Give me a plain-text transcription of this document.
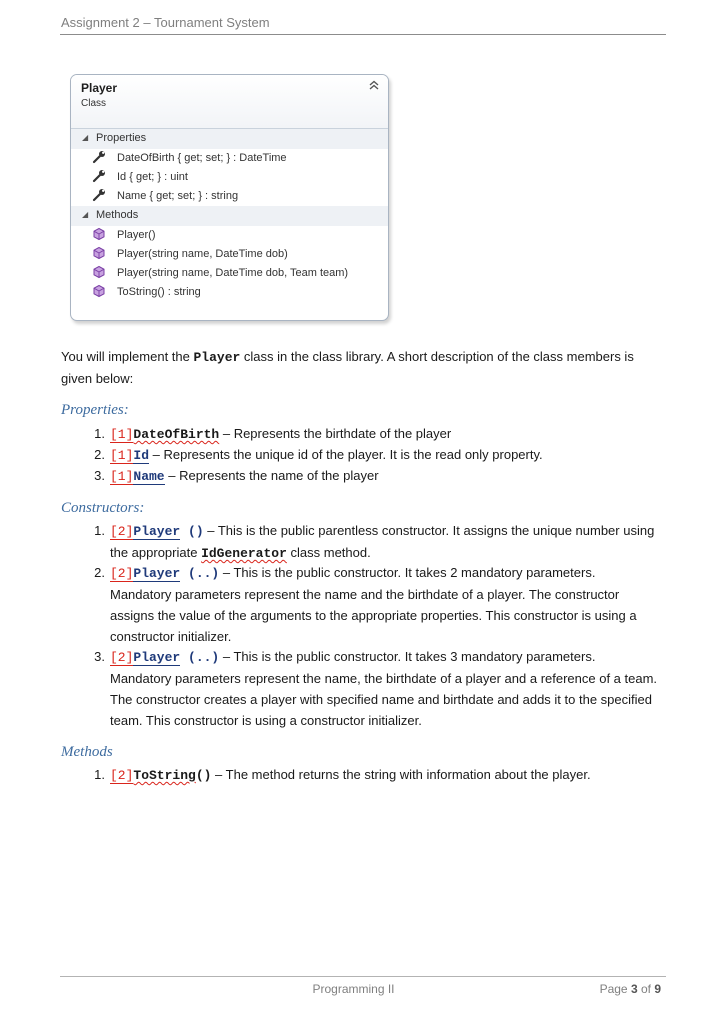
Assignment 2 – Tournament System
Player
Class
◢ Properties
DateOfBirth { get; set; } : DateTime
Id { get; } : uint
Name { get; set; } : string
◢ Methods
Player()
Player(string name, DateTime dob)
Player(string name, DateTime dob, Team team)
ToString() : string
You will implement the Player class in the class library. A short description of the class members is given below:
Properties:
1. [1]DateOfBirth – Represents the birthdate of the player
2. [1]Id – Represents the unique id of the player. It is the read only property.
3. [1]Name – Represents the name of the player
Constructors:
1. [2]Player () – This is the public parentless constructor. It assigns the unique number using the appropriate IdGenerator class method.
2. [2]Player (..) – This is the public constructor. It takes 2 mandatory parameters. Mandatory parameters represent the name and the birthdate of a player. The constructor assigns the value of the arguments to the appropriate properties. This constructor is using a constructor initializer.
3. [2]Player (..) – This is the public constructor. It takes 3 mandatory parameters. Mandatory parameters represent the name, the birthdate of a player and a reference of a team. The constructor creates a player with specified name and birthdate and adds it to the specified team. This constructor is using a constructor initializer.
Methods
1. [2]ToString() – The method returns the string with information about the player.
Programming II	Page 3 of 9
